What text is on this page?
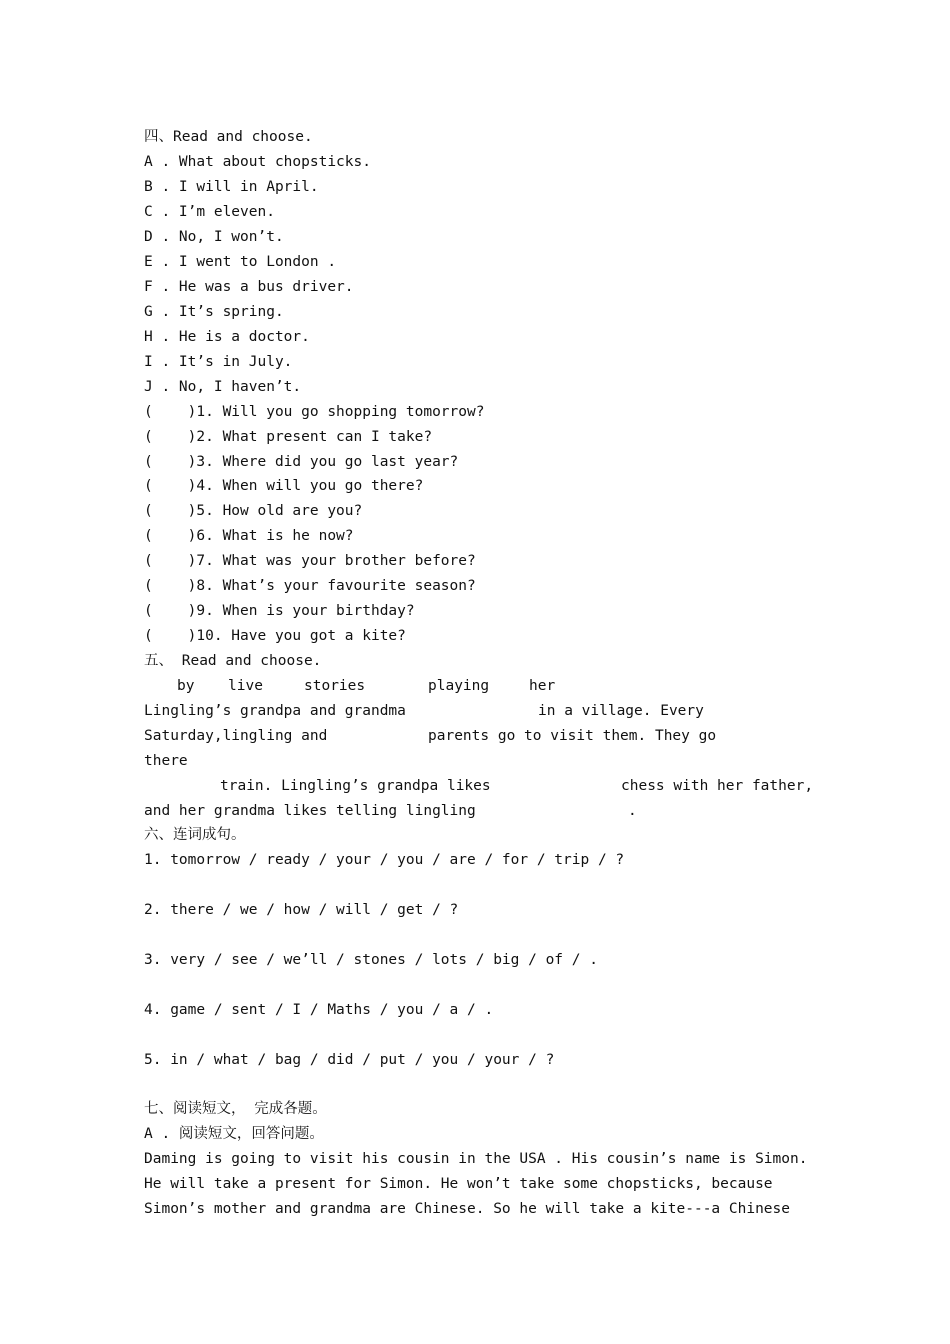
四、Read and choose.
A . What about chopsticks.
B . I will in April.
C . I’m eleven.
D . No, I won’t.
E . I went to London .
F . He was a bus driver.
G . It’s spring.
H . He is a doctor.
I . It’s in July.
J . No, I haven’t.
(    )1. Will you go shopping tomorrow?
(    )2. What present can I take?
(    )3. Where did you go last year?
(    )4. When will you go there?
(    )5. How old are you?
(    )6. What is he now?
(    )7. What was your brother before?
(    )8. What’s your favourite season?
(    )9. When is your birthday?
(    )10. Have you got a kite?
五、 Read and choose.
by live	stories	playing	her
Lingling’s grandpa and grandma	in a village. Every
Saturday,lingling and	parents go to visit them. They go
there
train. Lingling’s grandpa likes	chess with her father,
and her grandma likes telling lingling	.
六、连词成句。
1. tomorrow / ready / your / you / are / for / trip / ?
2. there / we / how / will / get / ?
3. very / see / we’ll / stones / lots / big / of / .
4. game / sent / I / Maths / you / a / .
5. in / what / bag / did / put / you / your / ?
七、阅读短文， 完成各题。
A . 阅读短文，回答问题。
Daming is going to visit his cousin in the USA . His cousin’s name is Simon.
He will take a present for Simon. He won’t take some chopsticks, because
Simon’s mother and grandma are Chinese. So he will take a kite---a Chinese
